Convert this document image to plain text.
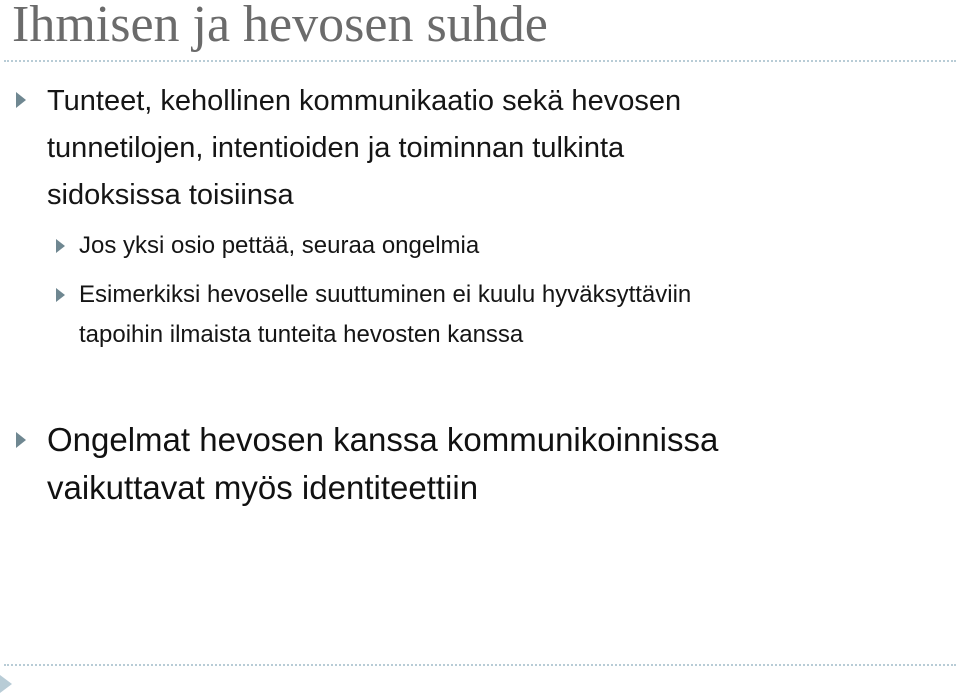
Ihmisen ja hevosen suhde
Tunteet, kehollinen kommunikaatio sekä hevosen
tunnetilojen, intentioiden ja toiminnan tulkinta
sidoksissa toisiinsa
Jos yksi osio pettää, seuraa ongelmia
Esimerkiksi hevoselle suuttuminen ei kuulu hyväksyttäviin
tapoihin ilmaista tunteita hevosten kanssa
Ongelmat hevosen kanssa kommunikoinnissa
vaikuttavat myös identiteettiin
